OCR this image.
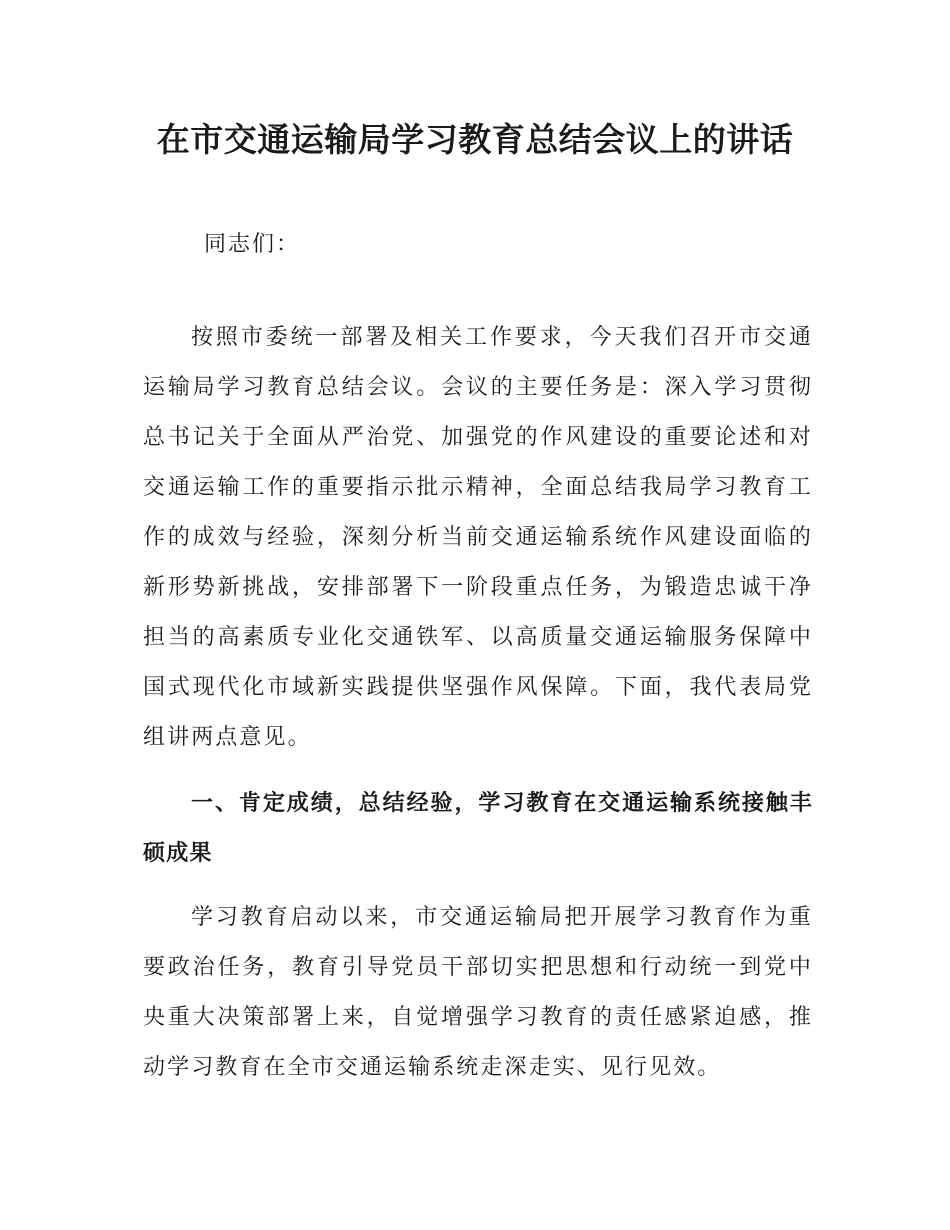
在市交通运输局学习教育总结会议上的讲话

同志们：

按照市委统一部署及相关工作要求，今天我们召开市交通运输局学习教育总结会议。会议的主要任务是：深入学习贯彻总书记关于全面从严治党、加强党的作风建设的重要论述和对交通运输工作的重要指示批示精神，全面总结我局学习教育工作的成效与经验，深刻分析当前交通运输系统作风建设面临的新形势新挑战，安排部署下一阶段重点任务，为锻造忠诚干净担当的高素质专业化交通铁军、以高质量交通运输服务保障中国式现代化市域新实践提供坚强作风保障。下面，我代表局党组讲两点意见。

一、肯定成绩，总结经验，学习教育在交通运输系统接触丰硕成果

学习教育启动以来，市交通运输局把开展学习教育作为重要政治任务，教育引导党员干部切实把思想和行动统一到党中央重大决策部署上来，自觉增强学习教育的责任感紧迫感，推动学习教育在全市交通运输系统走深走实、见行见效。
